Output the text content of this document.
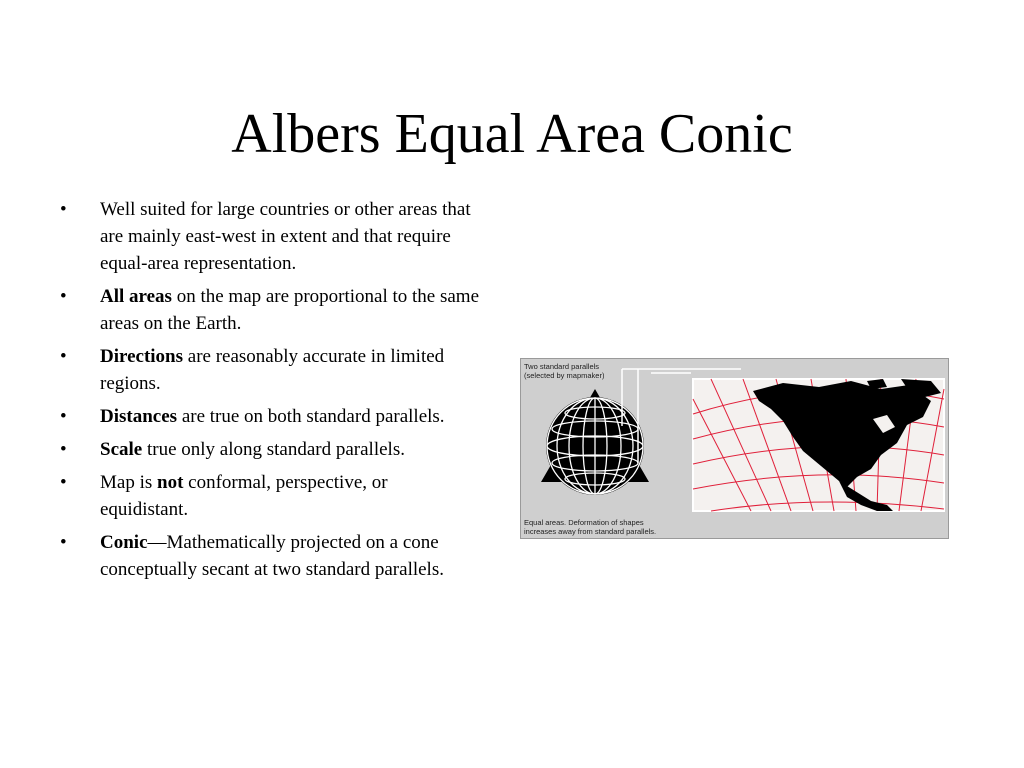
Albers Equal Area Conic
• Well suited for large countries or other areas that are mainly east-west in extent and that require equal-area representation.
• All areas on the map are proportional to the same areas on the Earth.
• Directions are reasonably accurate in limited regions.
• Distances are true on both standard parallels.
• Scale true only along standard parallels.
• Map is not conformal, perspective, or equidistant.
• Conic—Mathematically projected on a cone conceptually secant at two standard parallels.

Two standard parallels
(selected by mapmaker)

Equal areas. Deformation of shapes
increases away from standard parallels.
